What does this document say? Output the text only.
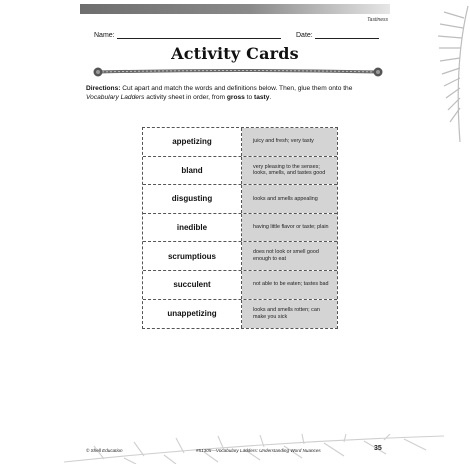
Tastiness
Name:	Date:
Activity Cards
Directions: Cut apart and match the words and definitions below. Then, glue them onto the Vocabulary Ladders activity sheet in order, from gross to tasty.
appetizing	juicy and fresh; very tasty
bland	very pleasing to the senses; looks, smells, and tastes good
disgusting	looks and smells appealing
inedible	having little flavor or taste; plain
scrumptious	does not look or smell good enough to eat
succulent	not able to be eaten; tastes bad
unappetizing	looks and smells rotten; can make you sick
© Shell Education	#51305—Vocabulary Ladders: Understanding Word Nuances	35
